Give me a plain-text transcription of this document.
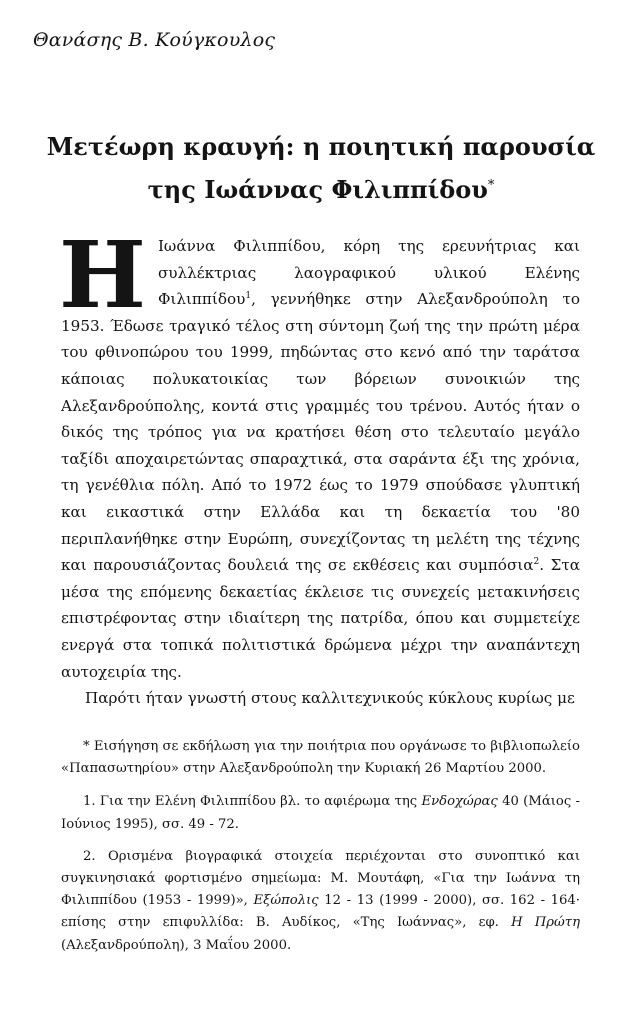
Θανάσης Β. Κούγκουλος
Μετέωρη κραυγή: η ποιητική παρουσία
της Ιωάννας Φιλιππίδου*

Η Ιωάννα Φιλιππίδου, κόρη της ερευνήτριας και συλλέκτριας λαογραφικού υλικού Ελένης Φιλιππίδου$^1$, γεννήθηκε στην Αλεξανδρούπολη το 1953. Έδωσε τραγικό τέλος στη σύντομη ζωή της την πρώτη μέρα του φθινοπώρου του 1999, πηδώντας στο κενό από την ταράτσα κάποιας πολυκατοικίας των βόρειων συνοικιών της Αλεξανδρούπολης, κοντά στις γραμμές του τρένου. Αυτός ήταν ο δικός της τρόπος για να κρατήσει θέση στο τελευταίο μεγάλο ταξίδι αποχαιρετώντας σπαραχτικά, στα σαράντα έξι της χρόνια, τη γενέθλια πόλη. Από το 1972 έως το 1979 σπούδασε γλυπτική και εικαστικά στην Ελλάδα και τη δεκαετία του '80 περιπλανήθηκε στην Ευρώπη, συνεχίζοντας τη μελέτη της τέχνης και παρουσιάζοντας δουλειά της σε εκθέσεις και συμπόσια$^2$. Στα μέσα της επόμενης δεκαετίας έκλεισε τις συνεχείς μετακινήσεις επιστρέφοντας στην ιδιαίτερη της πατρίδα, όπου και συμμετείχε ενεργά στα τοπικά πολιτιστικά δρώμενα μέχρι την αναπάντεχη αυτοχειρία της.

Παρότι ήταν γνωστή στους καλλιτεχνικούς κύκλους κυρίως με

* Εισήγηση σε εκδήλωση για την ποιήτρια που οργάνωσε το βιβλιοπωλείο «Παπασωτηρίου» στην Αλεξανδρούπολη την Κυριακή 26 Μαρτίου 2000.

1. Για την Ελένη Φιλιππίδου βλ. το αφιέρωμα της Ενδοχώρας 40 (Μάιος - Ιούνιος 1995), σσ. 49 - 72.

2. Ορισμένα βιογραφικά στοιχεία περιέχονται στο συνοπτικό και συγκινησιακά φορτισμένο σημείωμα: Μ. Μουτάφη, «Για την Ιωάννα τη Φιλιππίδου (1953 - 1999)», Εξώπολις 12 - 13 (1999 - 2000), σσ. 162 - 164· επίσης στην επιφυλλίδα: Β. Αυδίκος, «Της Ιωάννας», εφ. Η Πρώτη (Αλεξανδρούπολη), 3 Μαΐου 2000.
